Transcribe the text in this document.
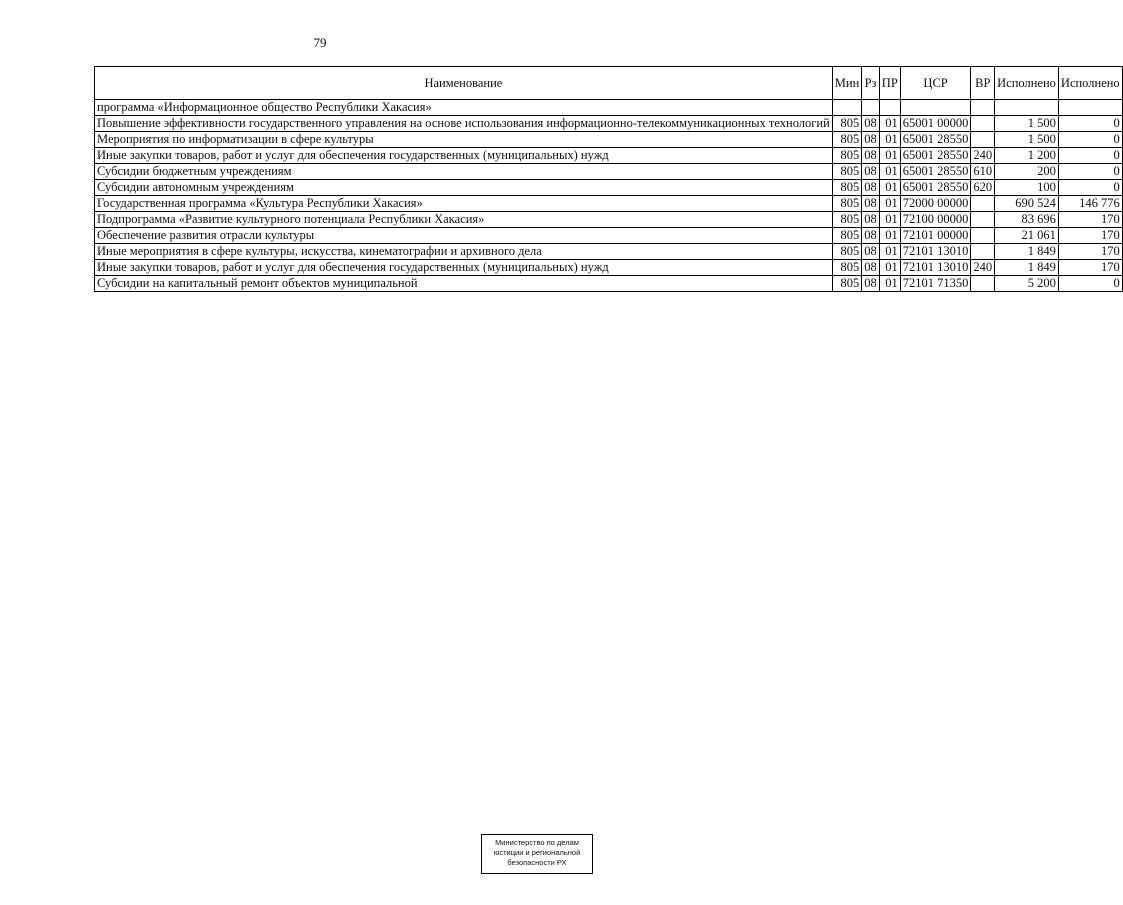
79
Наименование	Мин	Рз	ПР	ЦСР	ВР	Исполнено	Исполнено
программа «Информационное общество Республики Хакасия»							
Повышение эффективности государственного управления на основе использования информационно-телекоммуникационных технологий	805	08	01	65001 00000		1 500	0
Мероприятия по информатизации в сфере культуры	805	08	01	65001 28550		1 500	0
Иные закупки товаров, работ и услуг для обеспечения государственных (муниципальных) нужд	805	08	01	65001 28550	240	1 200	0
Субсидии бюджетным учреждениям	805	08	01	65001 28550	610	200	0
Субсидии автономным учреждениям	805	08	01	65001 28550	620	100	0
Государственная программа «Культура Республики Хакасия»	805	08	01	72000 00000		690 524	146 776
Подпрограмма «Развитие культурного потенциала Республики Хакасия»	805	08	01	72100 00000		83 696	170
Обеспечение развития отрасли культуры	805	08	01	72101 00000		21 061	170
Иные мероприятия в сфере культуры, искусства, кинематографии и архивного дела	805	08	01	72101 13010		1 849	170
Иные закупки товаров, работ и услуг для обеспечения государственных (муниципальных) нужд	805	08	01	72101 13010	240	1 849	170
Субсидии на капитальный ремонт объектов муниципальной	805	08	01	72101 71350		5 200	0
Министерство по делам
юстиции и региональной
безопасности РХ
